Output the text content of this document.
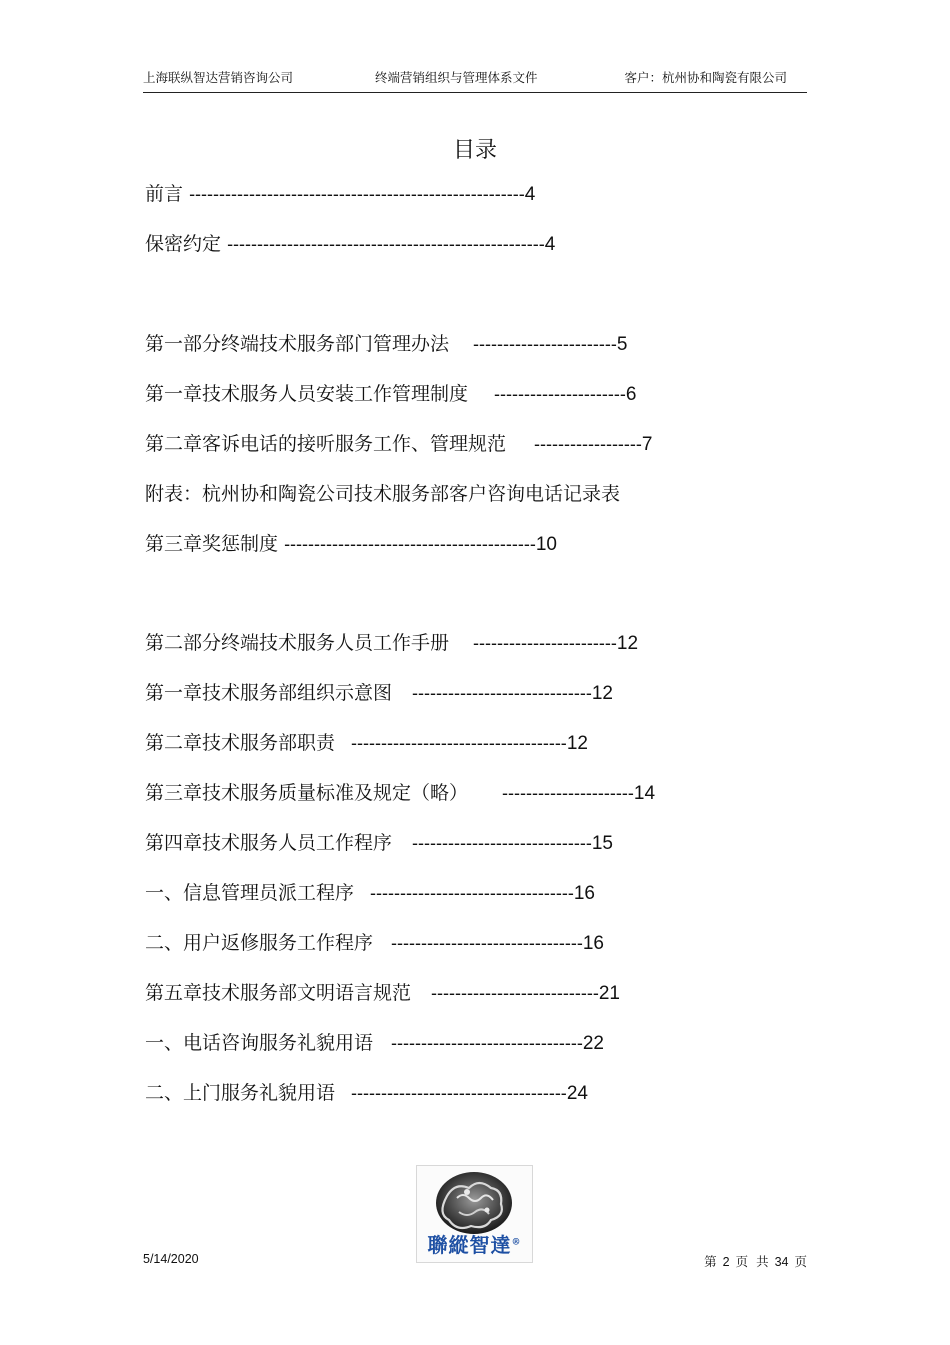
上海联纵智达营销咨询公司	终端营销组织与管理体系文件	客户：杭州协和陶瓷有限公司
目录
前言 --------------------------------------------------------4
保密约定 -----------------------------------------------------4
第一部分终端技术服务部门管理办法 ------------------------5
第一章技术服务人员安装工作管理制度 ----------------------6
第二章客诉电话的接听服务工作、管理规范 ------------------7
附表：杭州协和陶瓷公司技术服务部客户咨询电话记录表
第三章奖惩制度 ------------------------------------------10
第二部分终端技术服务人员工作手册 ------------------------12
第一章技术服务部组织示意图 ------------------------------12
第二章技术服务部职责 ------------------------------------12
第三章技术服务质量标准及规定（略） ----------------------14
第四章技术服务人员工作程序 ------------------------------15
一、信息管理员派工程序 ----------------------------------16
二、用户返修服务工作程序 --------------------------------16
第五章技术服务部文明语言规范 ----------------------------21
一、电话咨询服务礼貌用语 --------------------------------22
二、上门服务礼貌用语 ------------------------------------24
聯縱智達®
5/14/2020	第 2 页 共 34 页
